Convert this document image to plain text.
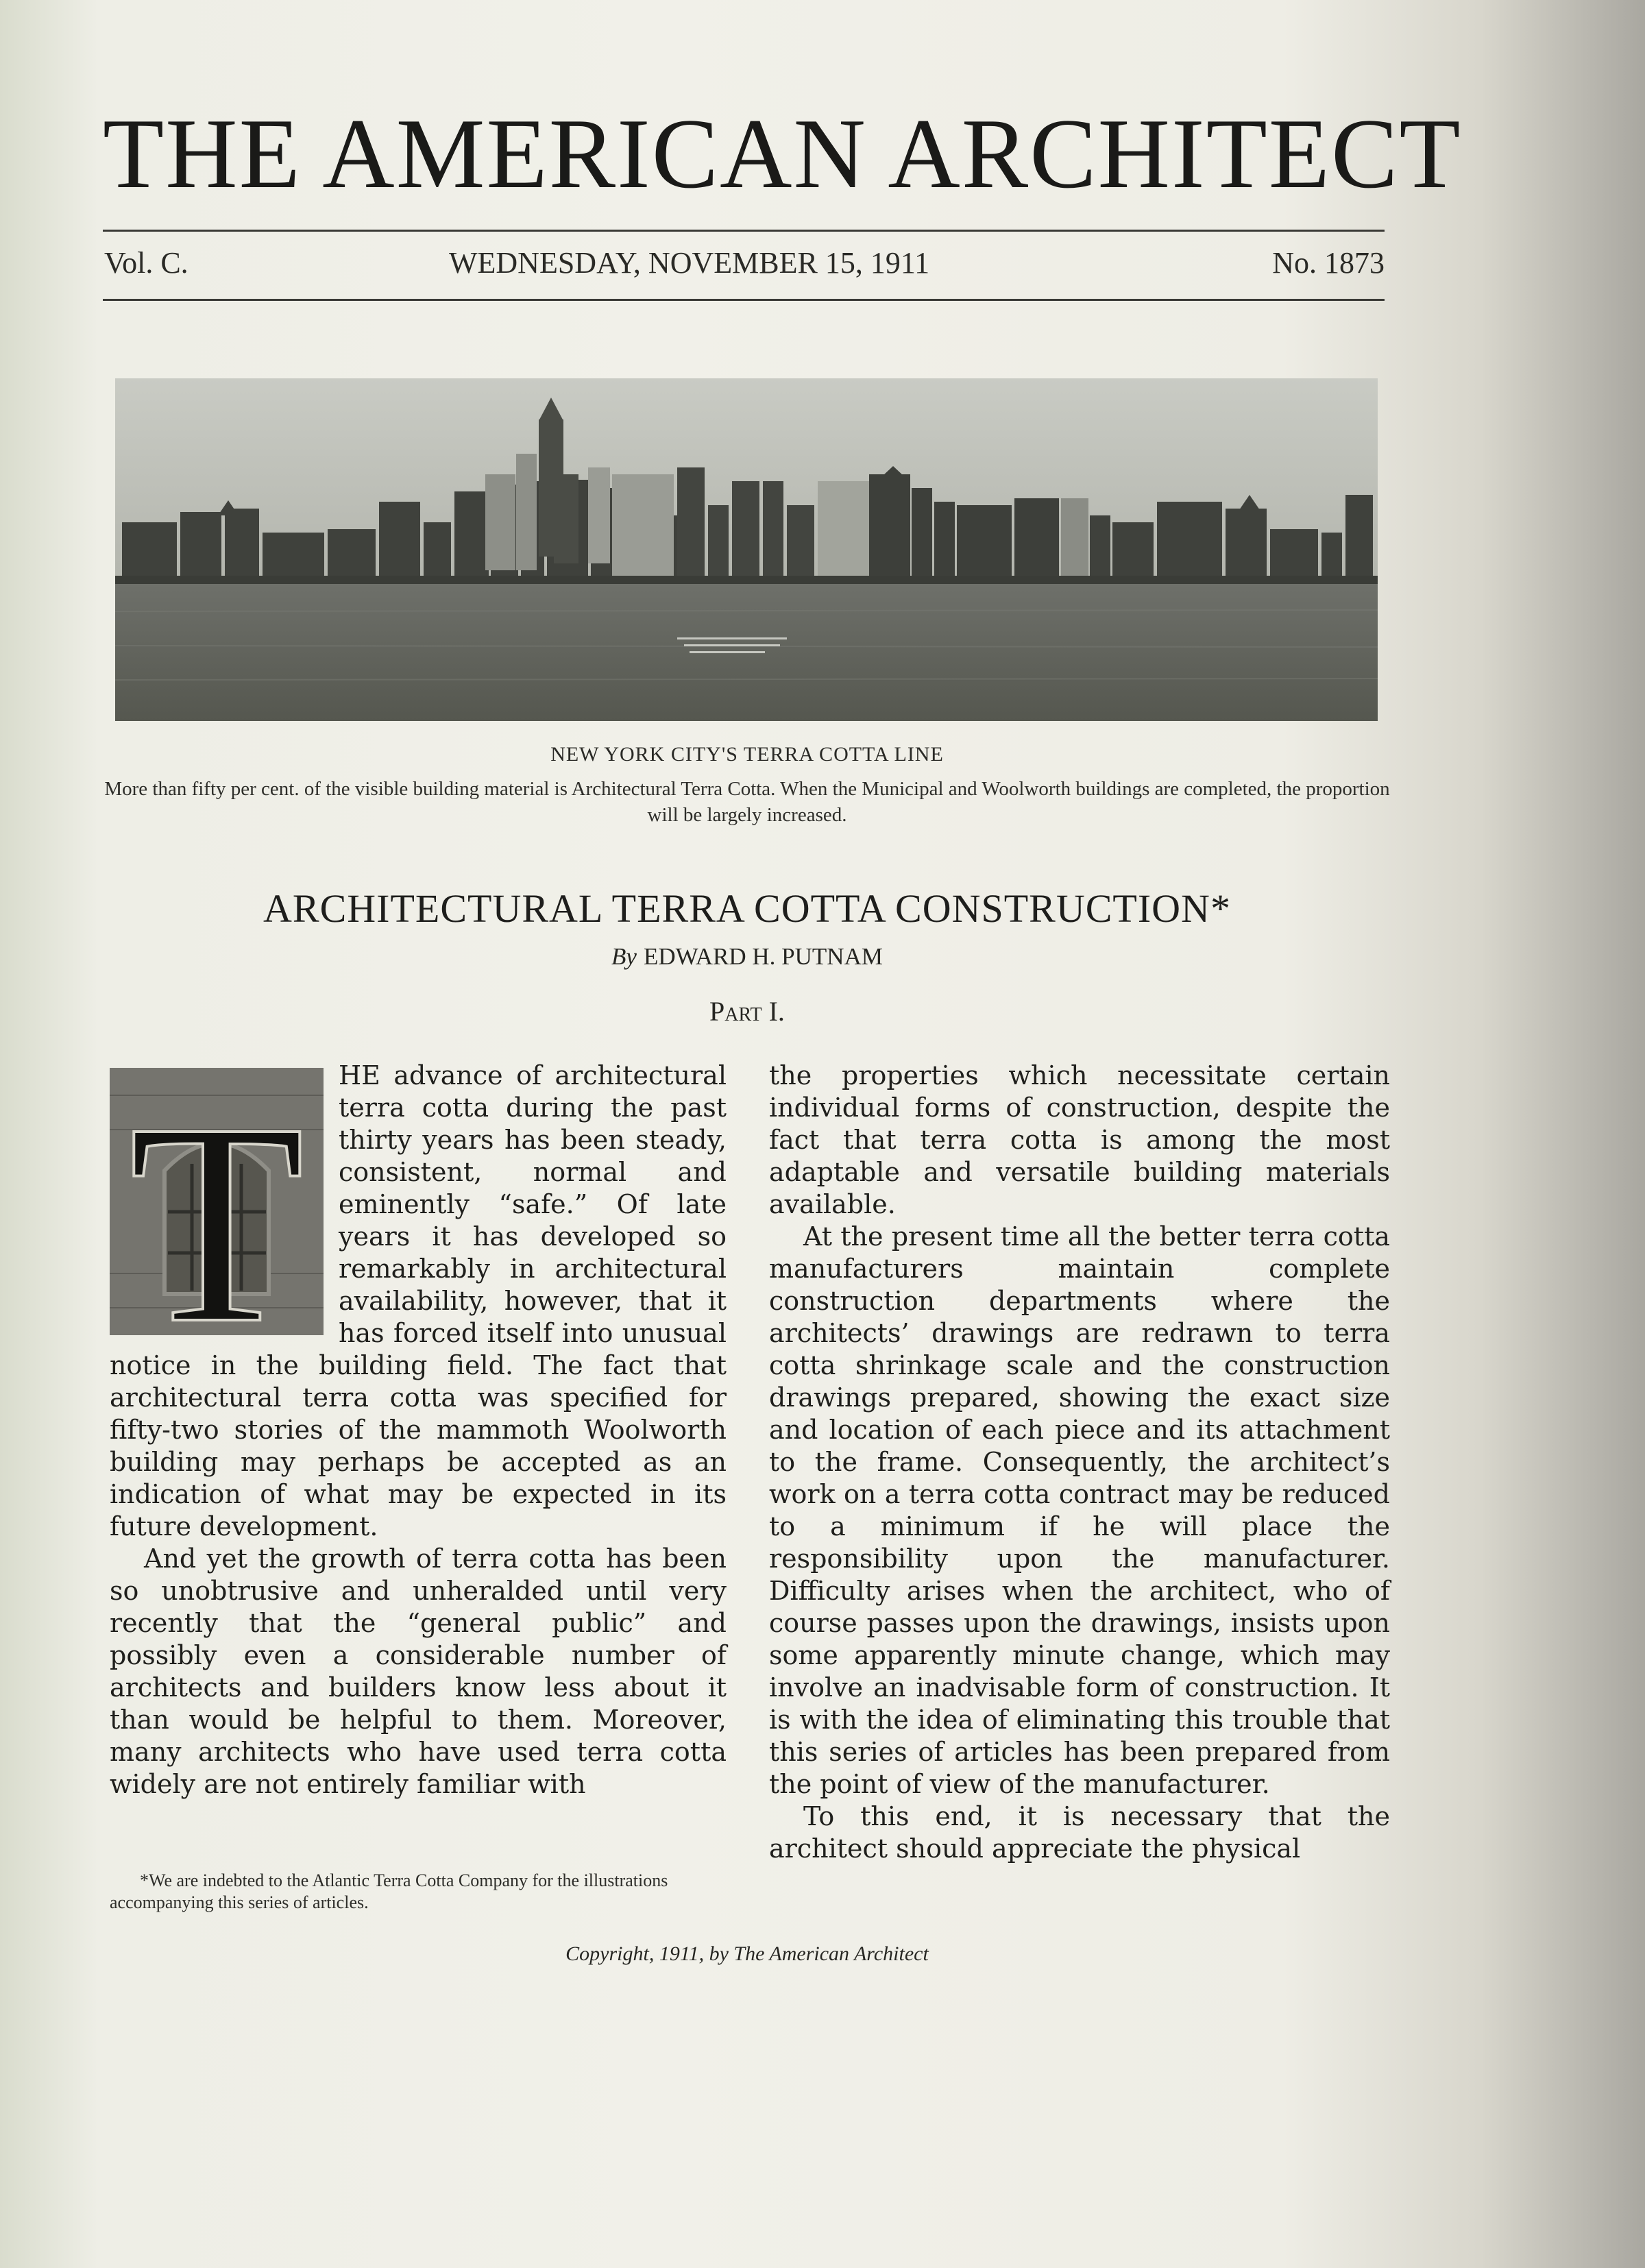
THE AMERICAN ARCHITECT
Vol. C.	WEDNESDAY, NOVEMBER 15, 1911	No. 1873
NEW YORK CITY'S TERRA COTTA LINE
More than fifty per cent. of the visible building material is Architectural Terra Cotta. When the Municipal and Woolworth buildings are completed, the proportion will be largely increased.
ARCHITECTURAL TERRA COTTA CONSTRUCTION*
By EDWARD H. PUTNAM
Part I.
T	HE advance of architectural terra cotta during the past thirty years has been steady, consistent, normal and eminently “safe.” Of late years it has developed so remarkably in architectural availability, however, that it has forced itself into unusual notice in the building field. The fact that architectural terra cotta was specified for fifty-two stories of the mammoth Woolworth building may perhaps be accepted as an indication of what may be expected in its future development.

And yet the growth of terra cotta has been so unobtrusive and unheralded until very recently that the “general public” and possibly even a considerable number of architects and builders know less about it than would be helpful to them. Moreover, many architects who have used terra cotta widely are not entirely familiar with

the properties which necessitate certain individual forms of construction, despite the fact that terra cotta is among the most adaptable and versatile building materials available.

At the present time all the better terra cotta manufacturers maintain complete construction departments where the architects’ drawings are redrawn to terra cotta shrinkage scale and the construction drawings prepared, showing the exact size and location of each piece and its attachment to the frame. Consequently, the architect’s work on a terra cotta contract may be reduced to a minimum if he will place the responsibility upon the manufacturer. Difficulty arises when the architect, who of course passes upon the drawings, insists upon some apparently minute change, which may involve an inadvisable form of construction. It is with the idea of eliminating this trouble that this series of articles has been prepared from the point of view of the manufacturer.

To this end, it is necessary that the architect should appreciate the physical

*We are indebted to the Atlantic Terra Cotta Company for the illustrations accompanying this series of articles.
Copyright, 1911, by The American Architect
